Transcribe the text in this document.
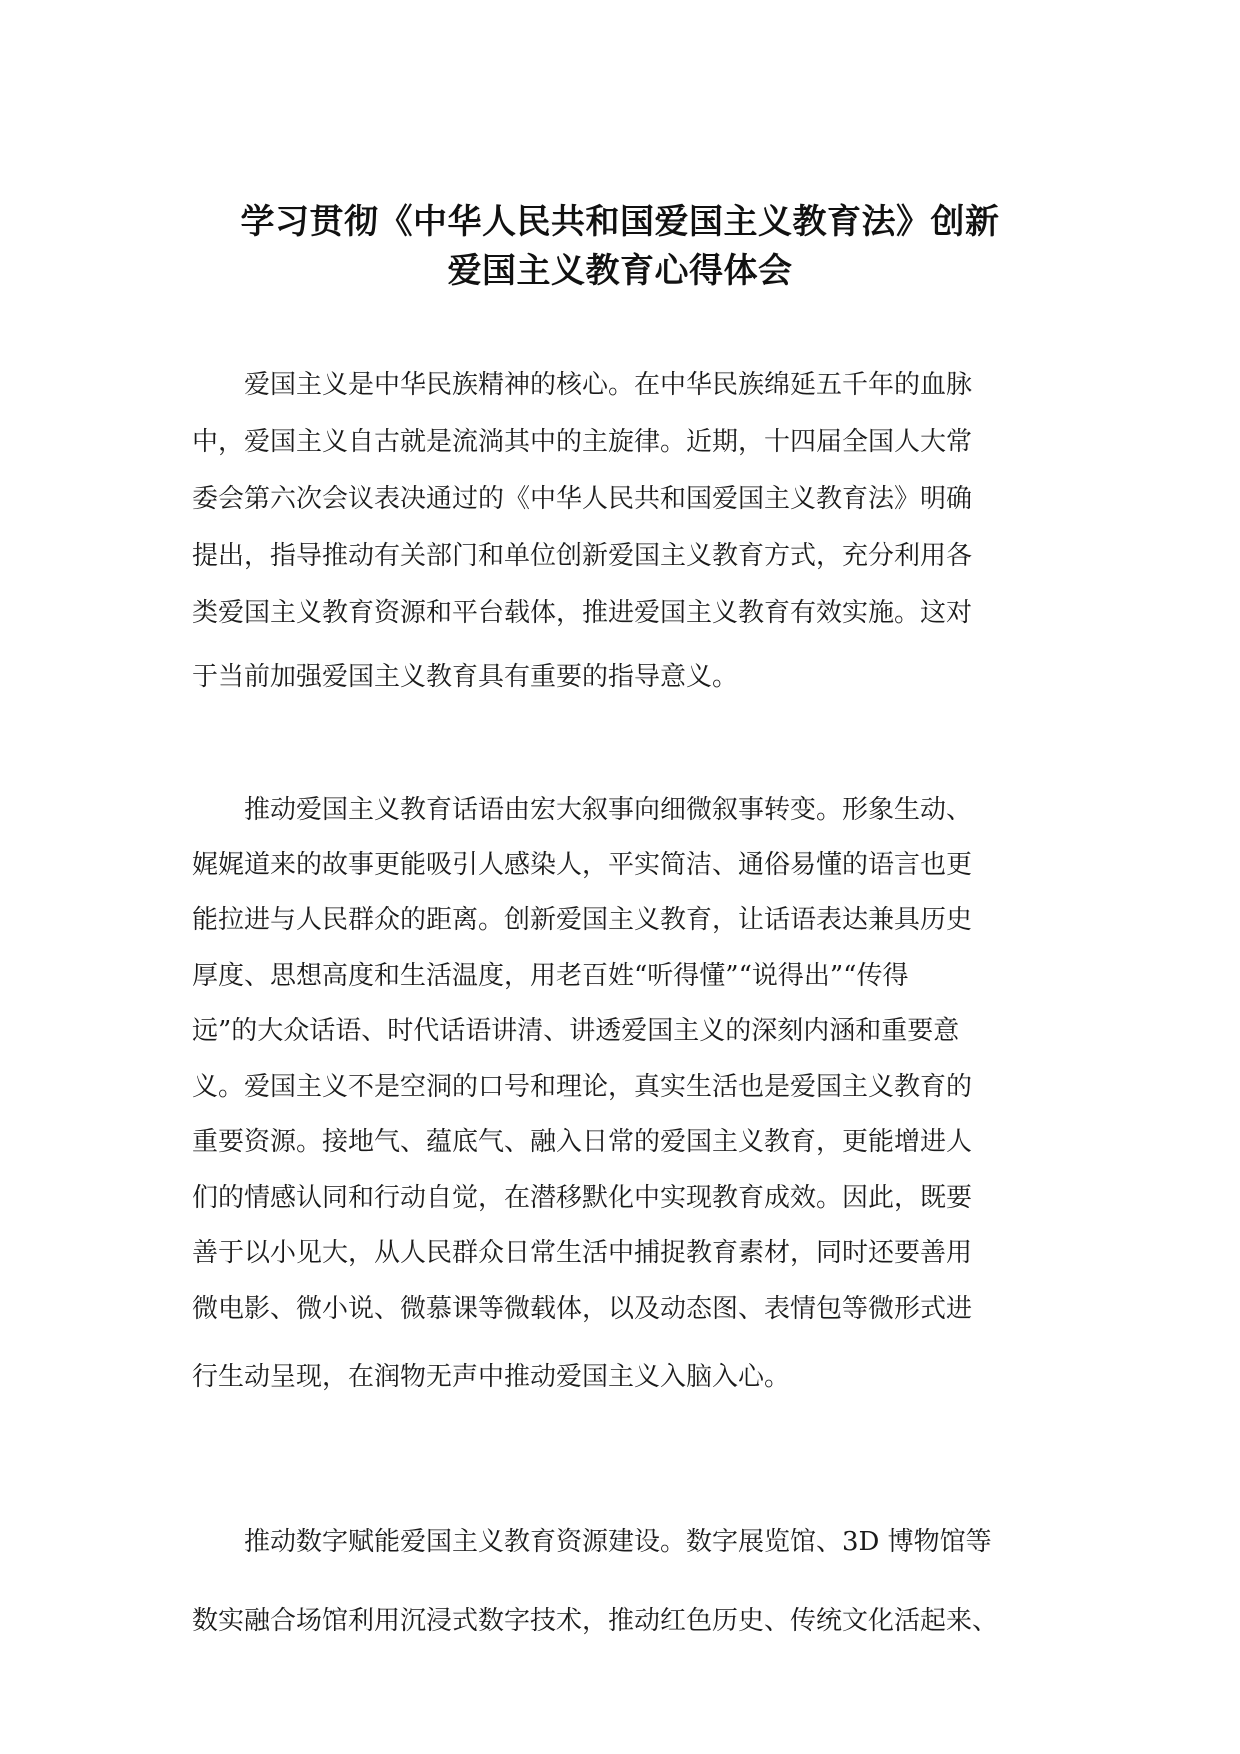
学习贯彻《中华人民共和国爱国主义教育法》创新
爱国主义教育心得体会
爱国主义是中华民族精神的核心。在中华民族绵延五千年的血脉
中，爱国主义自古就是流淌其中的主旋律。近期，十四届全国人大常
委会第六次会议表决通过的《中华人民共和国爱国主义教育法》明确
提出，指导推动有关部门和单位创新爱国主义教育方式，充分利用各
类爱国主义教育资源和平台载体，推进爱国主义教育有效实施。这对
于当前加强爱国主义教育具有重要的指导意义。
推动爱国主义教育话语由宏大叙事向细微叙事转变。形象生动、
娓娓道来的故事更能吸引人感染人，平实简洁、通俗易懂的语言也更
能拉进与人民群众的距离。创新爱国主义教育，让话语表达兼具历史
厚度、思想高度和生活温度，用老百姓“听得懂”“说得出”“传得
远”的大众话语、时代话语讲清、讲透爱国主义的深刻内涵和重要意
义。爱国主义不是空洞的口号和理论，真实生活也是爱国主义教育的
重要资源。接地气、蕴底气、融入日常的爱国主义教育，更能增进人
们的情感认同和行动自觉，在潜移默化中实现教育成效。因此，既要
善于以小见大，从人民群众日常生活中捕捉教育素材，同时还要善用
微电影、微小说、微慕课等微载体，以及动态图、表情包等微形式进
行生动呈现，在润物无声中推动爱国主义入脑入心。
推动数字赋能爱国主义教育资源建设。数字展览馆、3D 博物馆等
数实融合场馆利用沉浸式数字技术，推动红色历史、传统文化活起来、
